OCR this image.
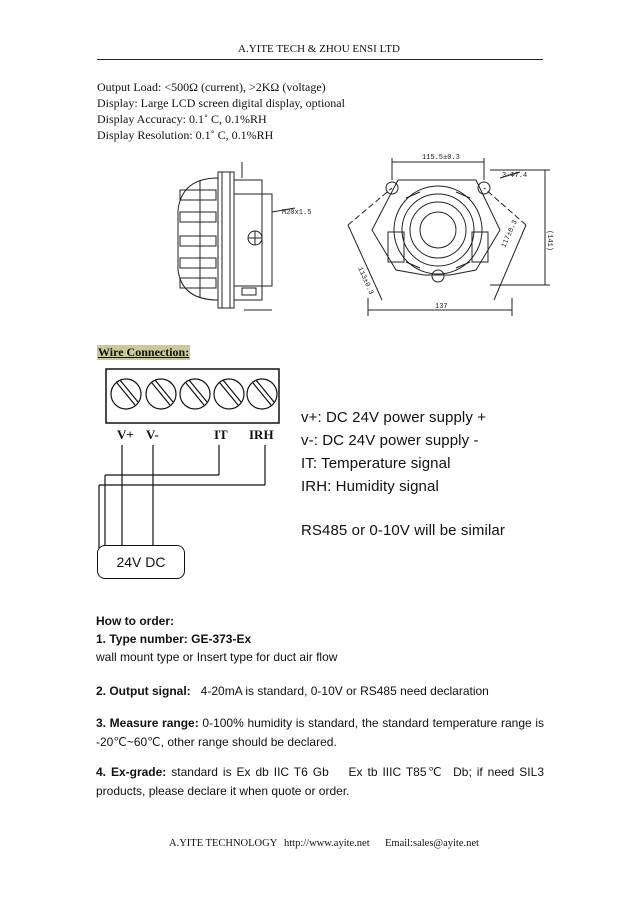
A.YITE TECH & ZHOU ENSI LTD
Output Load: <500Ω (current), >2KΩ (voltage)
Display: Large LCD screen digital display, optional
Display Accuracy: 0.1˚ C, 0.1%RH
Display Resolution: 0.1˚ C, 0.1%RH
M20x1.5
115.5±0.3
3-Φ7.4
(141)
113±0.3
117±0.3
137
Wire Connection:
V+ V-	IT IRH
24V DC
v+: DC 24V power supply +
v-: DC 24V power supply -
IT: Temperature signal
IRH: Humidity signal
RS485 or 0-10V will be similar
How to order:
1. Type number: GE-373-Ex
wall mount type or Insert type for duct air flow
2. Output signal:   4-20mA is standard, 0-10V or RS485 need declaration
3. Measure range: 0-100% humidity is standard, the standard temperature range is -20℃~60℃, other range should be declared.
4. Ex-grade: standard is Ex db IIC T6 Gb    Ex tb IIIC T85℃  Db; if need SIL3 products, please declare it when quote or order.
A.YITE TECHNOLOGY http://www.ayite.net Email:sales@ayite.net
